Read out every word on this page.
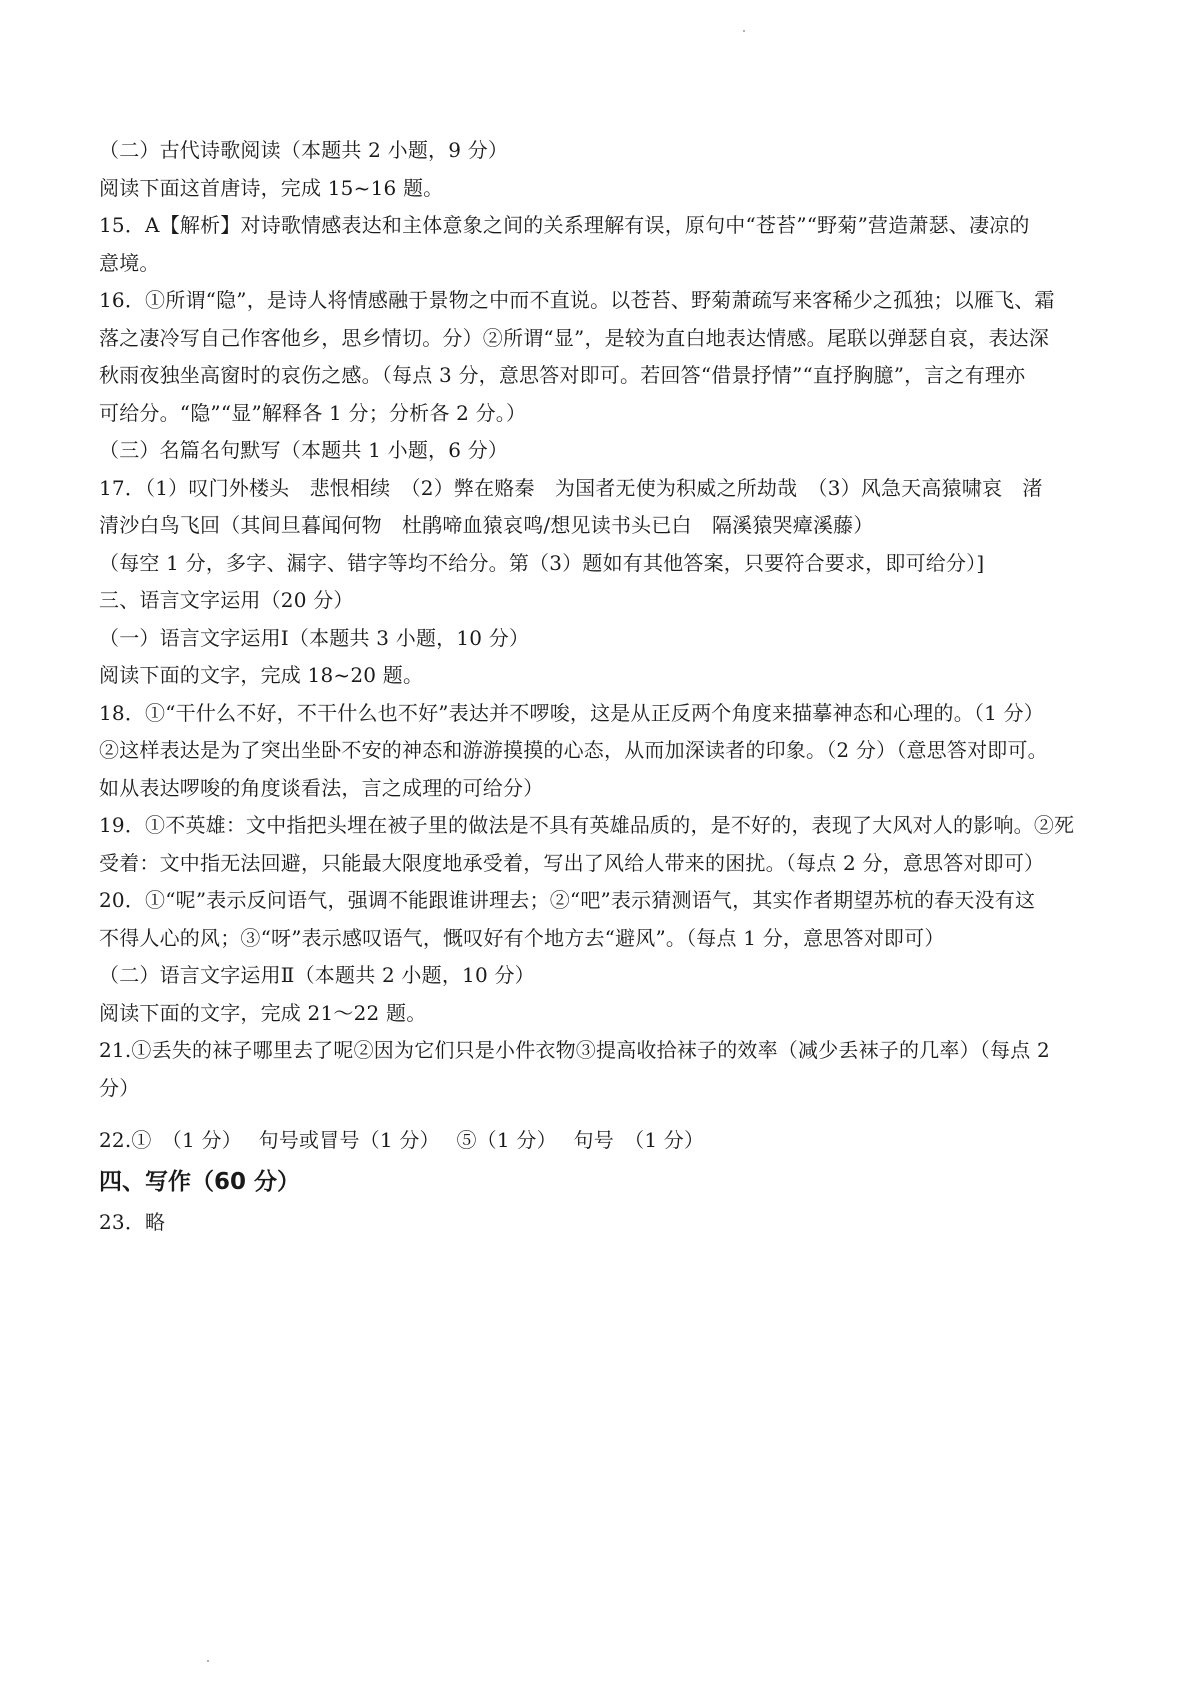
（二）古代诗歌阅读（本题共 2 小题，9 分）
阅读下面这首唐诗，完成 15~16 题。
15．A【解析】对诗歌情感表达和主体意象之间的关系理解有误，原句中“苍苔”“野菊”营造萧瑟、凄凉的
意境。
16．①所谓“隐”，是诗人将情感融于景物之中而不直说。以苍苔、野菊萧疏写来客稀少之孤独；以雁飞、霜
落之凄冷写自己作客他乡，思乡情切。分）②所谓“显”，是较为直白地表达情感。尾联以弹瑟自哀，表达深
秋雨夜独坐高窗时的哀伤之感。（每点 3 分，意思答对即可。若回答“借景抒情”“直抒胸臆”，言之有理亦
可给分。“隐”“显”解释各 1 分；分析各 2 分。）
（三）名篇名句默写（本题共 1 小题，6 分）
17．（1）叹门外楼头　悲恨相续　（2）弊在赂秦　为国者无使为积威之所劫哉　（3）风急天高猿啸哀　渚
清沙白鸟飞回（其间旦暮闻何物　杜鹃啼血猿哀鸣/想见读书头已白　隔溪猿哭瘴溪藤）
（每空 1 分，多字、漏字、错字等均不给分。第（3）题如有其他答案，只要符合要求，即可给分）]
三、语言文字运用（20 分）
（一）语言文字运用Ⅰ（本题共 3 小题，10 分）
阅读下面的文字，完成 18~20 题。
18．①“干什么不好，不干什么也不好”表达并不啰唆，这是从正反两个角度来描摹神态和心理的。（1 分）
②这样表达是为了突出坐卧不安的神态和游游摸摸的心态，从而加深读者的印象。（2 分）（意思答对即可。
如从表达啰唆的角度谈看法，言之成理的可给分）
19．①不英雄：文中指把头埋在被子里的做法是不具有英雄品质的，是不好的，表现了大风对人的影响。②死
受着：文中指无法回避，只能最大限度地承受着，写出了风给人带来的困扰。（每点 2 分，意思答对即可）
20．①“呢”表示反问语气，强调不能跟谁讲理去；②“吧”表示猜测语气，其实作者期望苏杭的春天没有这
不得人心的风；③“呀”表示感叹语气，慨叹好有个地方去“避风”。（每点 1 分，意思答对即可）
（二）语言文字运用Ⅱ（本题共 2 小题，10 分）
阅读下面的文字，完成 21～22 题。
21.①丢失的袜子哪里去了呢②因为它们只是小件衣物③提高收拾袜子的效率（减少丢袜子的几率）（每点 2
分）
22.①　（1 分）　 句号或冒号（1 分）　 ⑤（1 分）　 句号　（1 分）
四、写作（60 分）
23．略
